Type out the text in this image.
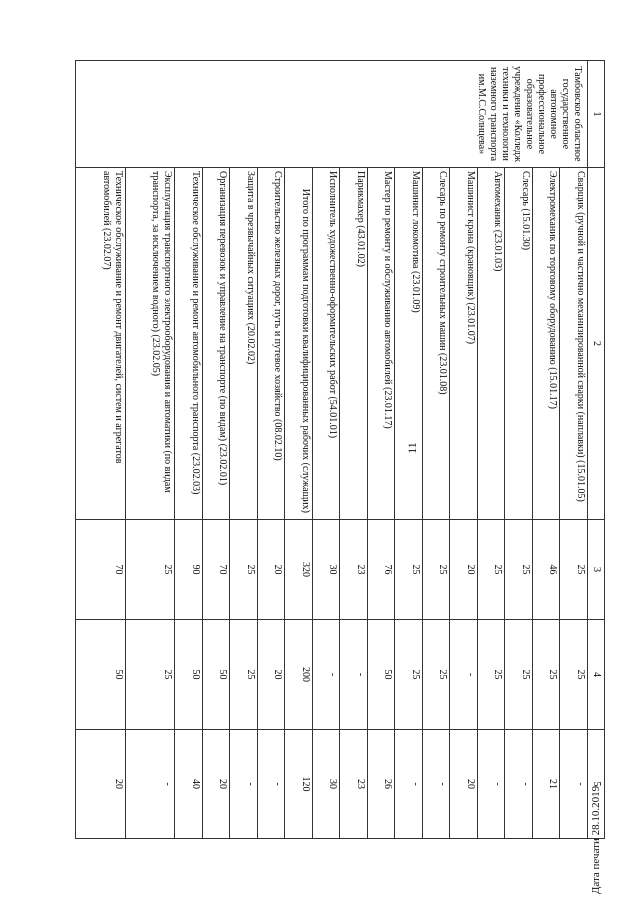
11
Дата печати 28.10.2019
1	2	3	4	5
Тамбовское областное государственное автономное профессиональное образовательное учреждение «Колледж техники и технологии наземного транспорта им.М.С.Солнцева»	Сварщик (ручной и частично механизированной сварки (наплавки) (15.01.05)	25	25	-
	Электромеханик по торговому оборудованию (15.01.17)	46	25	21
	Слесарь (15.01.30)	25	25	-
	Автомеханик (23.01.03)	25	25	-
	Машинист крана (крановщик) (23.01.07)	20	-	20
	Слесарь по ремонту строительных машин (23.01.08)	25	25	-
	Машинист локомотива (23.01.09)	25	25	-
	Мастер по ремонту и обслуживанию автомобилей (23.01.17)	76	50	26
	Парикмахер (43.01.02)	23	-	23
	Исполнитель художественно-оформительских работ (54.01.01)	30	-	30
	Итого по программам подготовки квалифицированных рабочих (служащих)	320	200	120
	Строительство железных дорог, путь и путевое хозяйство (08.02.10)	20	20	-
	Защита в чрезвычайных ситуациях (20.02.02)	25	25	-
	Организация перевозок и управление на транспорте (по видам) (23.02.01)	70	50	20
	Техническое обслуживание и ремонт автомобильного транспорта (23.02.03)	90	50	40
	Эксплуатация транспортного электрооборудования и автоматики (по видам транспорта, за исключением водного) (23.02.05)	25	25	-
	Техническое обслуживание и ремонт двигателей, систем и агрегатов автомобилей (23.02.07)	70	50	20
